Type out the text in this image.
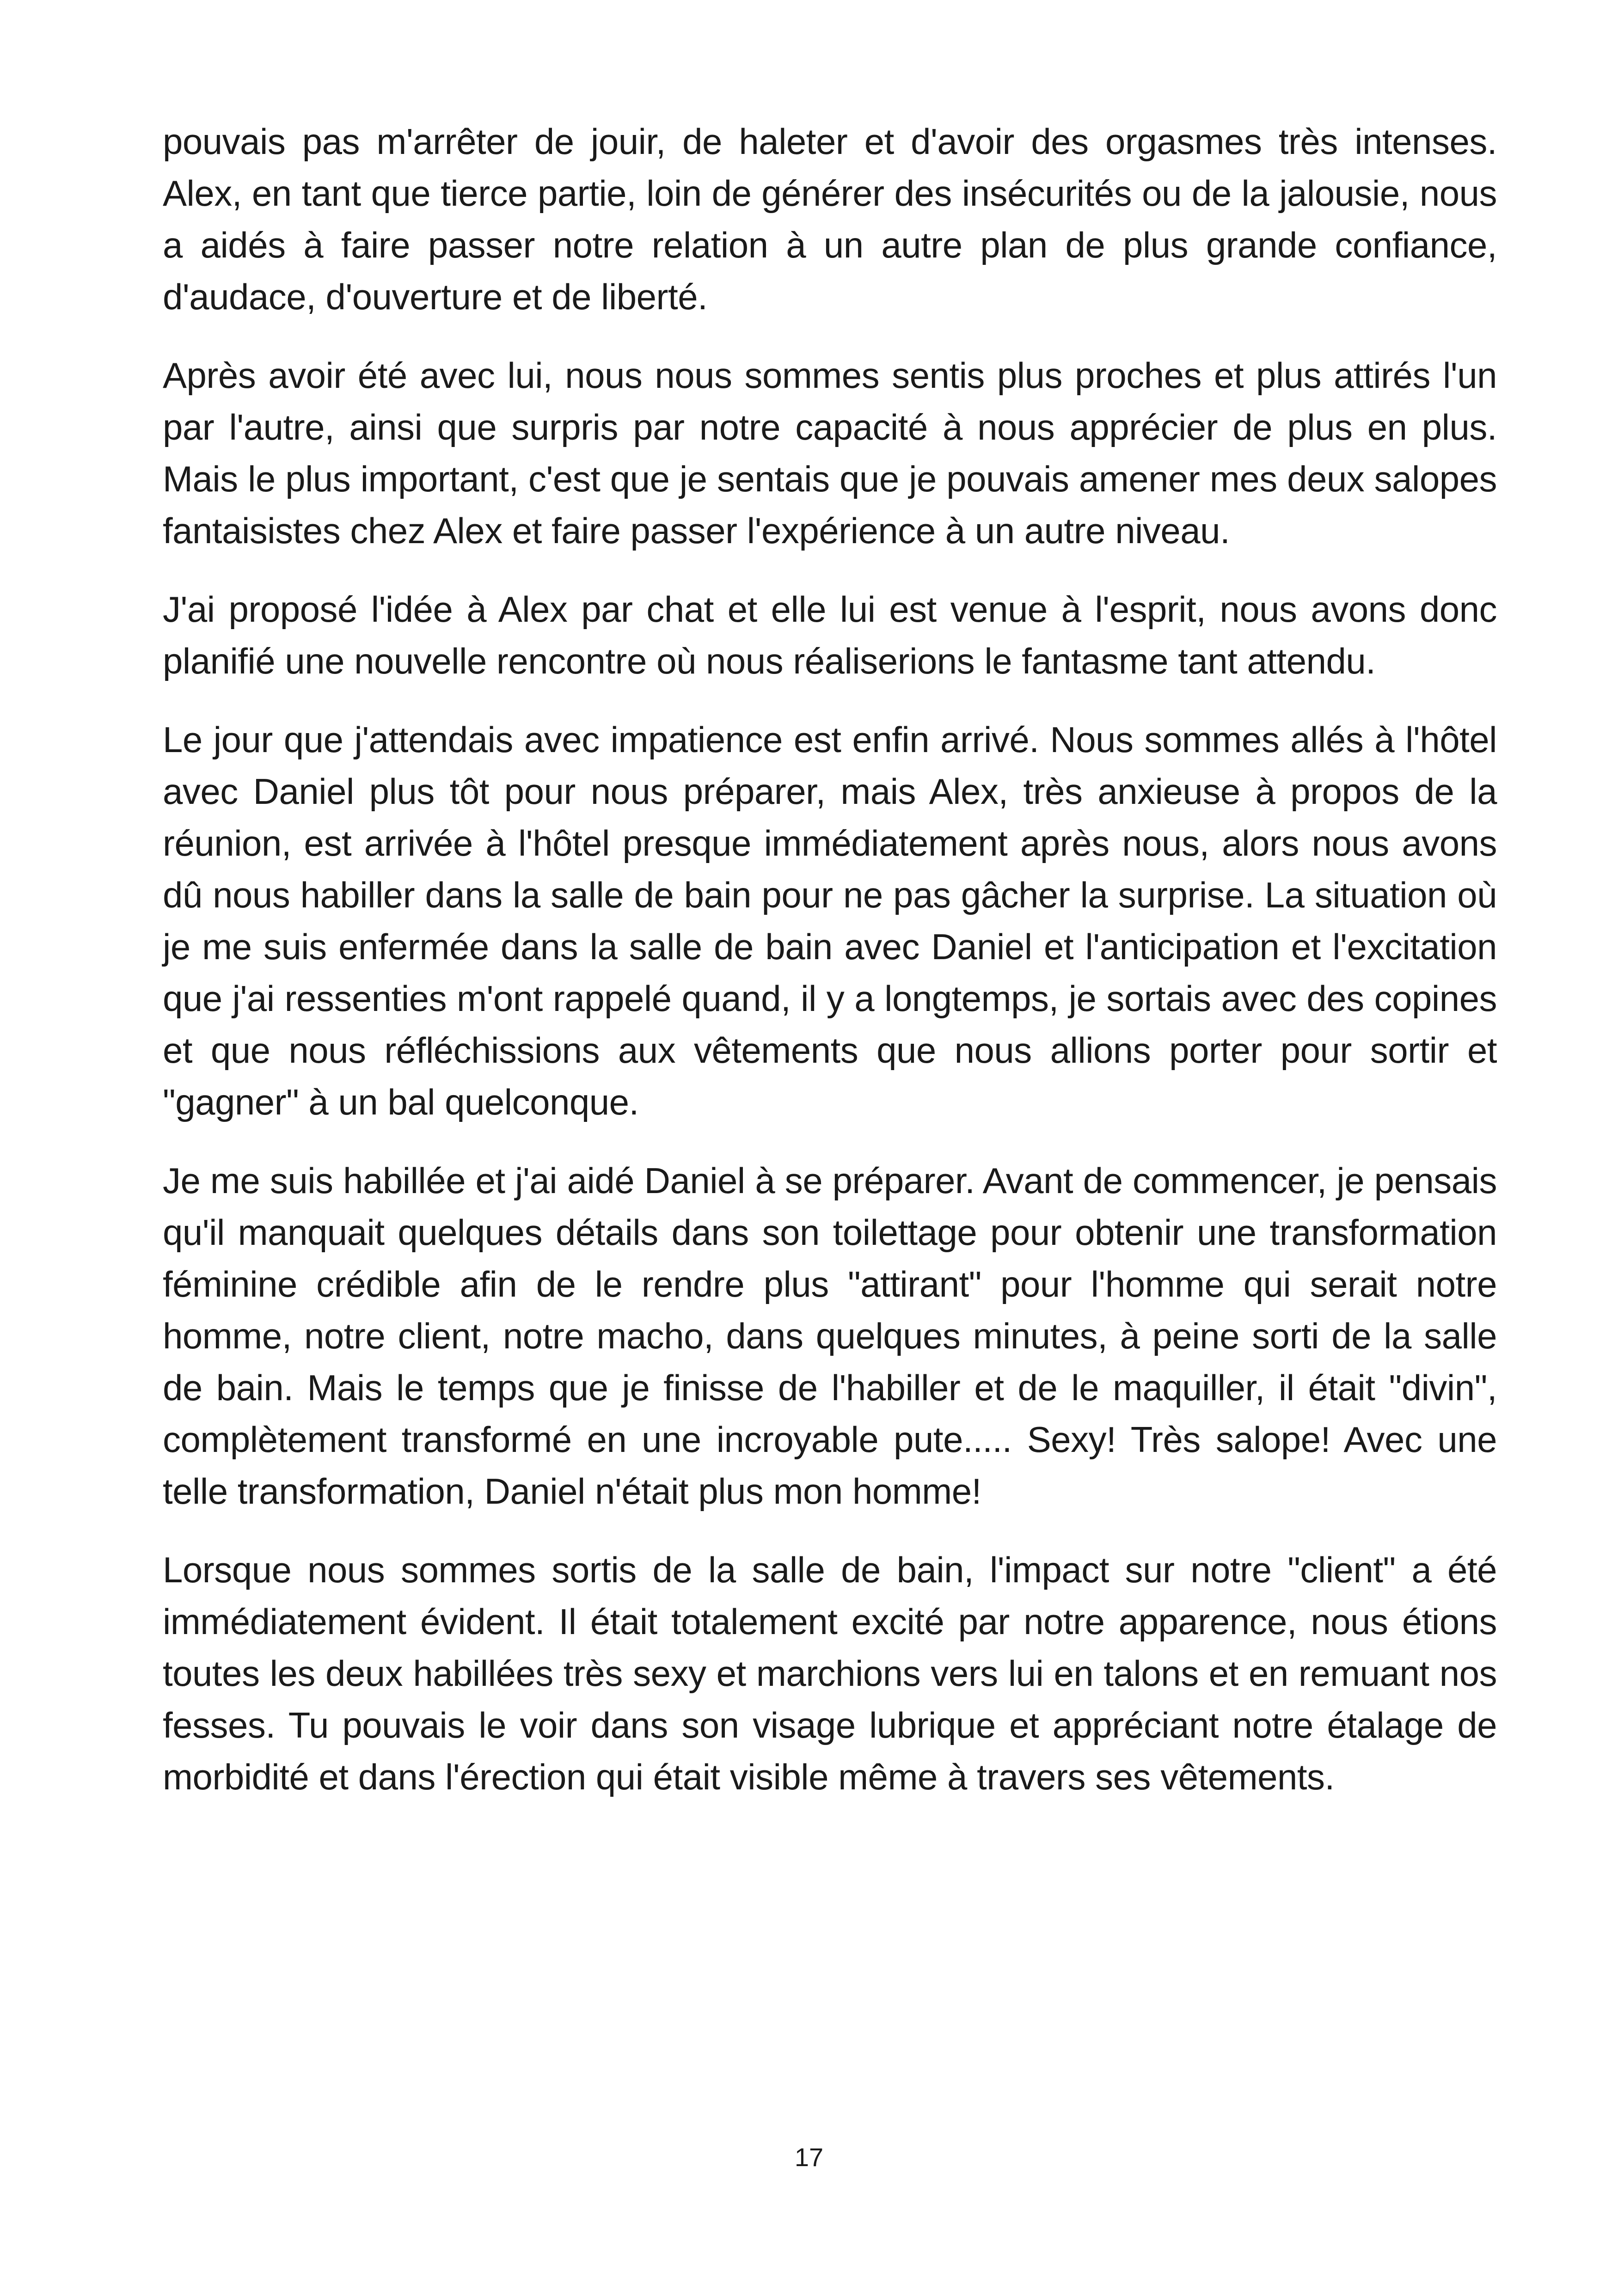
pouvais pas m'arrêter de jouir, de haleter et d'avoir des orgasmes très intenses. Alex, en tant que tierce partie, loin de générer des insécurités ou de la jalousie, nous a aidés à faire passer notre relation à un autre plan de plus grande confiance, d'audace, d'ouverture et de liberté.

Après avoir été avec lui, nous nous sommes sentis plus proches et plus attirés l'un par l'autre, ainsi que surpris par notre capacité à nous apprécier de plus en plus. Mais le plus important, c'est que je sentais que je pouvais amener mes deux salopes fantaisistes chez Alex et faire passer l'expérience à un autre niveau.

J'ai proposé l'idée à Alex par chat et elle lui est venue à l'esprit, nous avons donc planifié une nouvelle rencontre où nous réaliserions le fantasme tant attendu.

Le jour que j'attendais avec impatience est enfin arrivé. Nous sommes allés à l'hôtel avec Daniel plus tôt pour nous préparer, mais Alex, très anxieuse à propos de la réunion, est arrivée à l'hôtel presque immédiatement après nous, alors nous avons dû nous habiller dans la salle de bain pour ne pas gâcher la surprise. La situation où je me suis enfermée dans la salle de bain avec Daniel et l'anticipation et l'excitation que j'ai ressenties m'ont rappelé quand, il y a longtemps, je sortais avec des copines et que nous réfléchissions aux vêtements que nous allions porter pour sortir et "gagner" à un bal quelconque.

Je me suis habillée et j'ai aidé Daniel à se préparer. Avant de commencer, je pensais qu'il manquait quelques détails dans son toilettage pour obtenir une transformation féminine crédible afin de le rendre plus "attirant" pour l'homme qui serait notre homme, notre client, notre macho, dans quelques minutes, à peine sorti de la salle de bain. Mais le temps que je finisse de l'habiller et de le maquiller, il était "divin", complètement transformé en une incroyable pute..... Sexy! Très salope! Avec une telle transformation, Daniel n'était plus mon homme!

Lorsque nous sommes sortis de la salle de bain, l'impact sur notre "client" a été immédiatement évident. Il était totalement excité par notre apparence, nous étions toutes les deux habillées très sexy et marchions vers lui en talons et en remuant nos fesses. Tu pouvais le voir dans son visage lubrique et appréciant notre étalage de morbidité et dans l'érection qui était visible même à travers ses vêtements.

17
